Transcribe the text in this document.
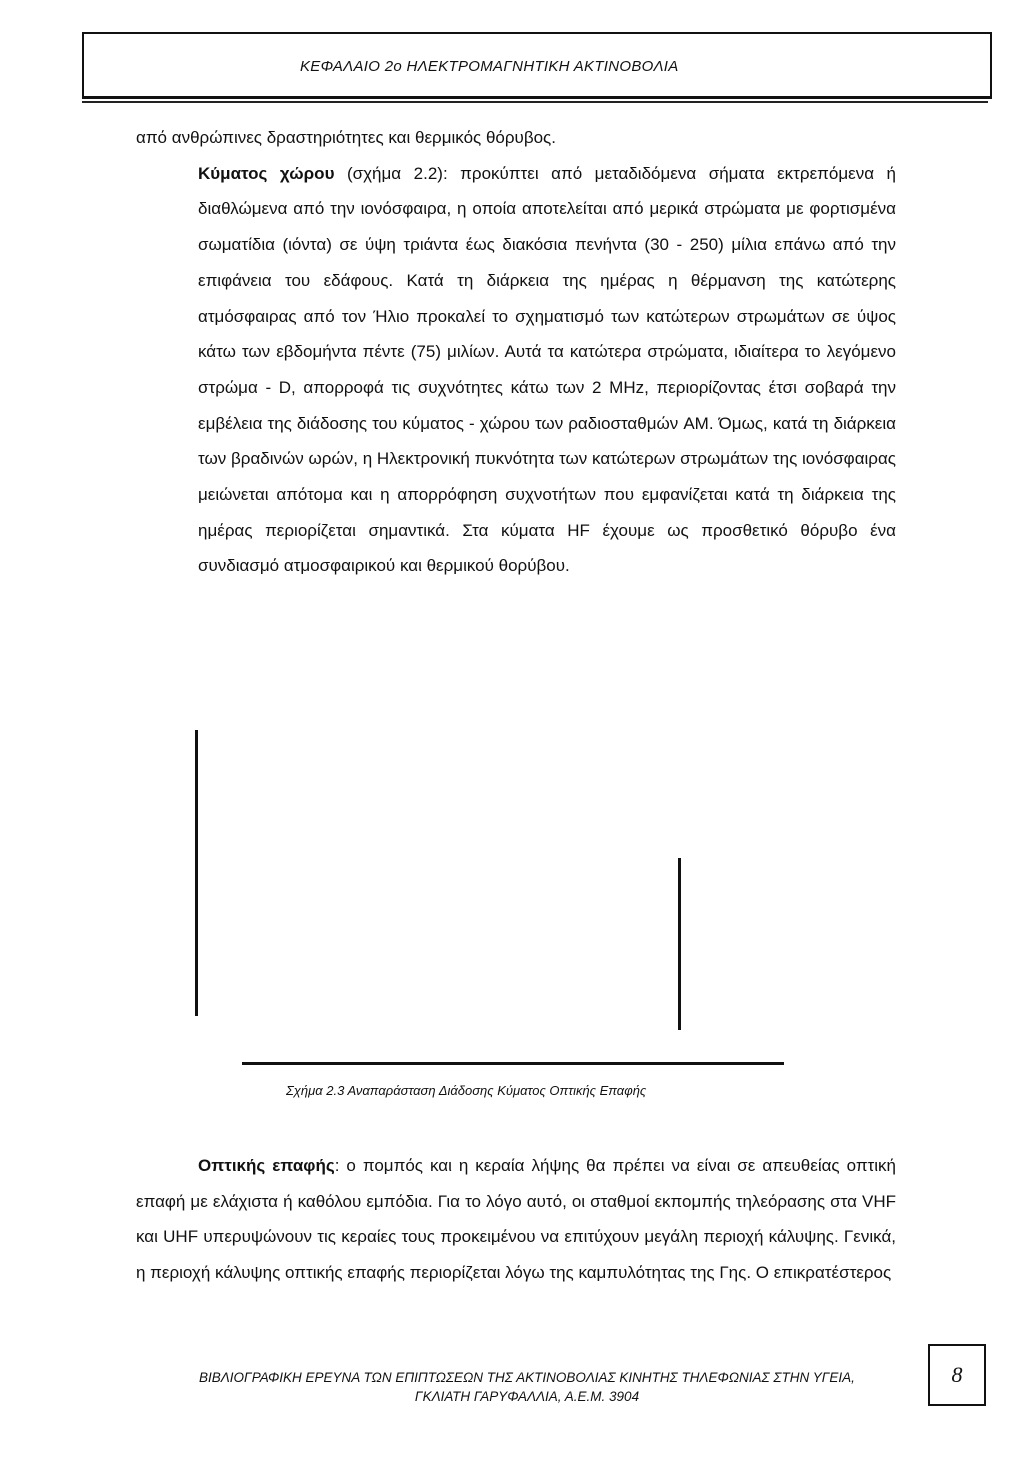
ΚΕΦΑΛΑΙΟ 2ο ΗΛΕΚΤΡΟΜΑΓΝΗΤΙΚΗ ΑΚΤΙΝΟΒΟΛΙΑ
από ανθρώπινες δραστηριότητες και θερμικός θόρυβος.
Κύματος χώρου (σχήμα 2.2): προκύπτει από μεταδιδόμενα σήματα εκτρεπόμενα ή διαθλώμενα από την ιονόσφαιρα, η οποία αποτελείται από μερικά στρώματα με φορτισμένα σωματίδια (ιόντα) σε ύψη τριάντα έως διακόσια πενήντα (30 - 250) μίλια επάνω από την επιφάνεια του εδάφους. Κατά τη διάρκεια της ημέρας η θέρμανση της κατώτερης ατμόσφαιρας από τον Ήλιο προκαλεί το σχηματισμό των κατώτερων στρωμάτων σε ύψος κάτω των εβδομήντα πέντε (75) μιλίων. Αυτά τα κατώτερα στρώματα, ιδιαίτερα το λεγόμενο στρώμα - D, απορροφά τις συχνότητες κάτω των 2 MHz, περιορίζοντας έτσι σοβαρά την εμβέλεια της διάδοσης του κύματος - χώρου των ραδιοσταθμών AM. Όμως, κατά τη διάρκεια των βραδινών ωρών, η Ηλεκτρονική πυκνότητα των κατώτερων στρωμάτων της ιονόσφαιρας μειώνεται απότομα και η απορρόφηση συχνοτήτων που εμφανίζεται κατά τη διάρκεια της ημέρας περιορίζεται σημαντικά. Στα κύματα HF έχουμε ως προσθετικό θόρυβο ένα συνδιασμό ατμοσφαιρικού και θερμικού θορύβου.
Σχήμα 2.3 Αναπαράσταση Διάδοσης Κύματος Οπτικής Επαφής
Οπτικής επαφής: ο πομπός και η κεραία λήψης θα πρέπει να είναι σε απευθείας οπτική επαφή με ελάχιστα ή καθόλου εμπόδια. Για το λόγο αυτό, οι σταθμοί εκπομπής τηλεόρασης στα VHF και UHF υπερυψώνουν τις κεραίες τους προκειμένου να επιτύχουν μεγάλη περιοχή κάλυψης. Γενικά, η περιοχή κάλυψης οπτικής επαφής περιορίζεται λόγω της καμπυλότητας της Γης. Ο επικρατέστερος
ΒΙΒΛΙΟΓΡΑΦΙΚΗ ΕΡΕΥΝΑ ΤΩΝ ΕΠΙΠΤΩΣΕΩΝ ΤΗΣ ΑΚΤΙΝΟΒΟΛΙΑΣ ΚΙΝΗΤΗΣ ΤΗΛΕΦΩΝΙΑΣ ΣΤΗΝ ΥΓΕΙΑ,
ΓΚΛΙΑΤΗ ΓΑΡΥΦΑΛΛΙΑ, Α.Ε.Μ. 3904
8
